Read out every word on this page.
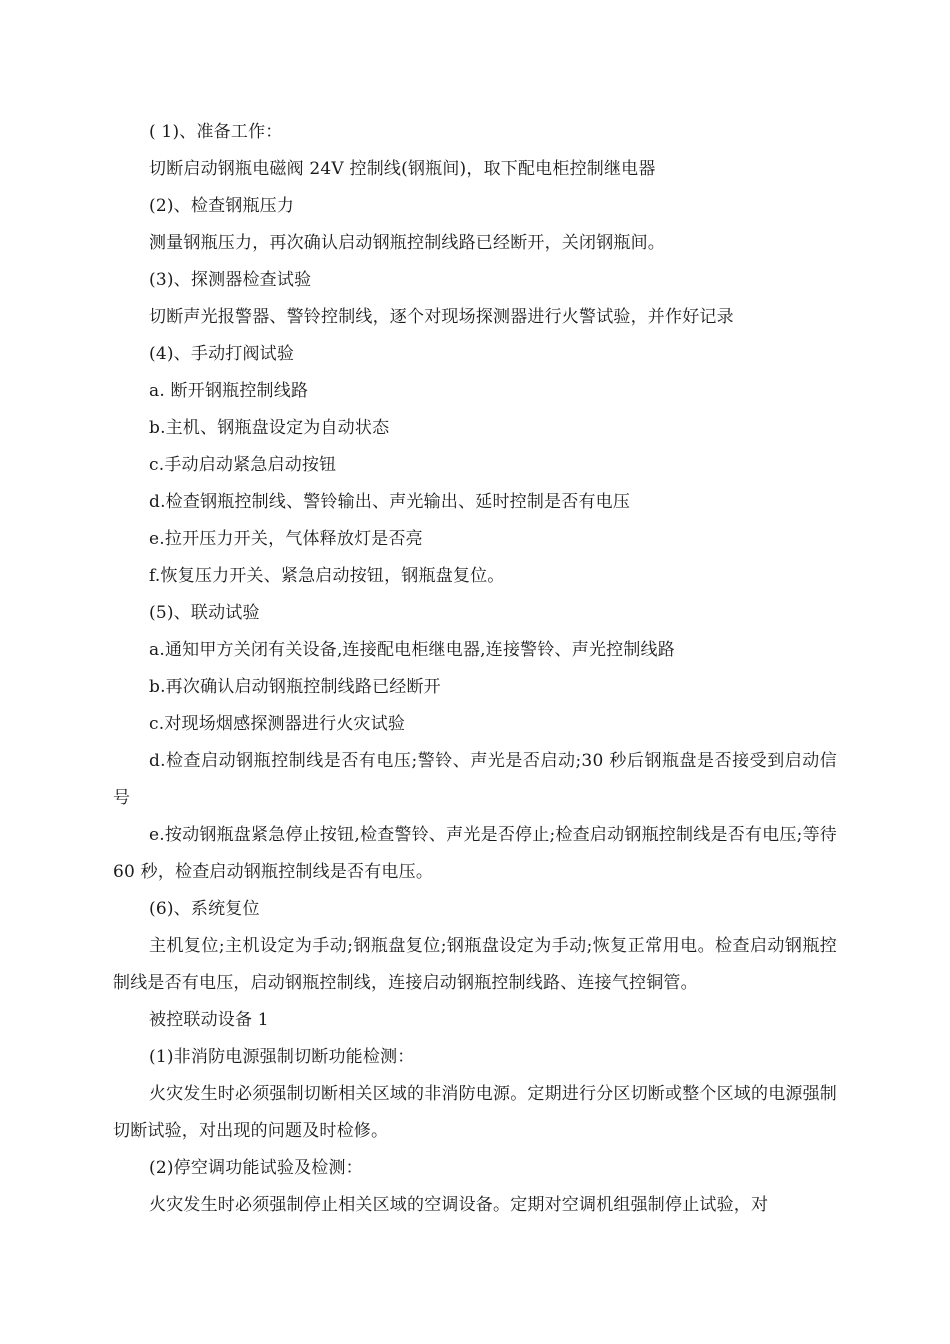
( 1)、准备工作：

切断启动钢瓶电磁阀 24V 控制线(钢瓶间)，取下配电柜控制继电器

(2)、检查钢瓶压力

测量钢瓶压力，再次确认启动钢瓶控制线路已经断开，关闭钢瓶间。

(3)、探测器检查试验

切断声光报警器、警铃控制线，逐个对现场探测器进行火警试验，并作好记录

(4)、手动打阀试验

a. 断开钢瓶控制线路

b.主机、钢瓶盘设定为自动状态

c.手动启动紧急启动按钮

d.检查钢瓶控制线、警铃输出、声光输出、延时控制是否有电压

e.拉开压力开关，气体释放灯是否亮

f.恢复压力开关、紧急启动按钮，钢瓶盘复位。

(5)、联动试验

a.通知甲方关闭有关设备,连接配电柜继电器,连接警铃、声光控制线路

b.再次确认启动钢瓶控制线路已经断开

c.对现场烟感探测器进行火灾试验

d.检查启动钢瓶控制线是否有电压;警铃、声光是否启动;30 秒后钢瓶盘是否接受到启动信号

e.按动钢瓶盘紧急停止按钮,检查警铃、声光是否停止;检查启动钢瓶控制线是否有电压;等待 60 秒，检查启动钢瓶控制线是否有电压。

(6)、系统复位

主机复位;主机设定为手动;钢瓶盘复位;钢瓶盘设定为手动;恢复正常用电。检查启动钢瓶控制线是否有电压，启动钢瓶控制线，连接启动钢瓶控制线路、连接气控铜管。

被控联动设备 1

(1)非消防电源强制切断功能检测：

火灾发生时必须强制切断相关区域的非消防电源。定期进行分区切断或整个区域的电源强制切断试验，对出现的问题及时检修。

(2)停空调功能试验及检测：

火灾发生时必须强制停止相关区域的空调设备。定期对空调机组强制停止试验，对
